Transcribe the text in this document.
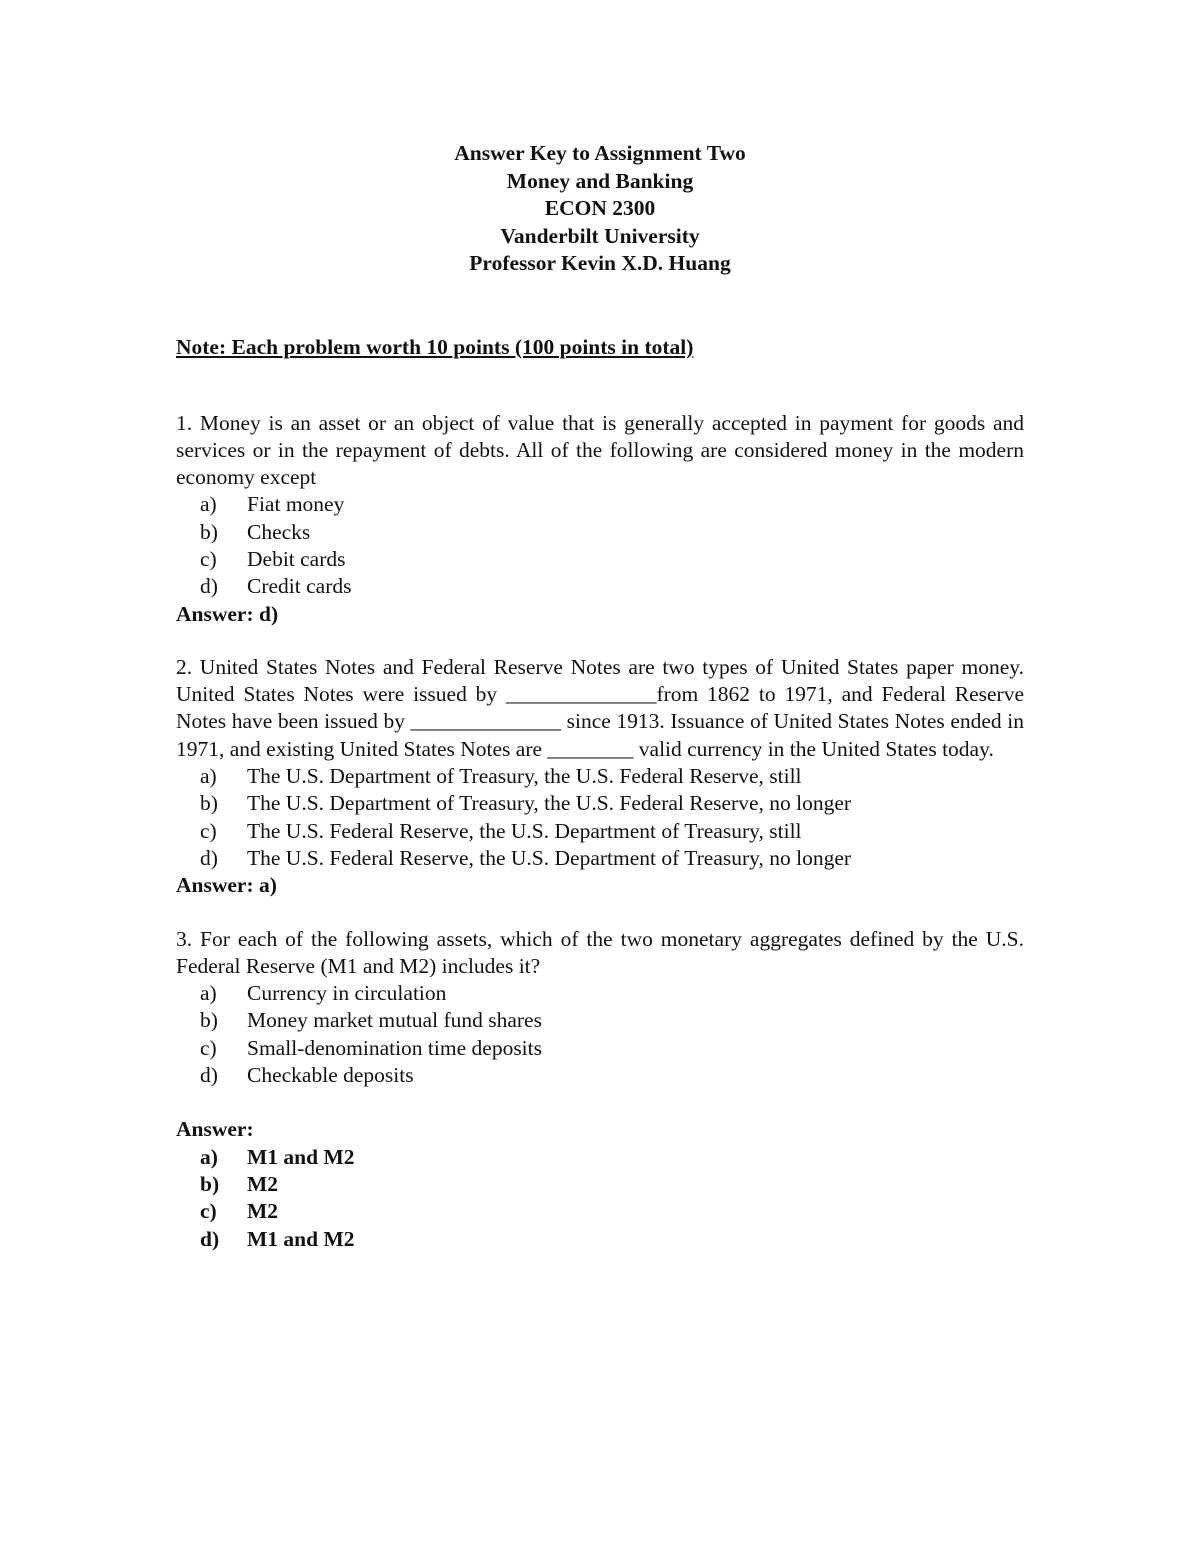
Answer Key to Assignment Two
Money and Banking
ECON 2300
Vanderbilt University
Professor Kevin X.D. Huang
Note: Each problem worth 10 points (100 points in total)
1. Money is an asset or an object of value that is generally accepted in payment for goods and services or in the repayment of debts. All of the following are considered money in the modern economy except
a) Fiat money
b) Checks
c) Debit cards
d) Credit cards
Answer: d)
2. United States Notes and Federal Reserve Notes are two types of United States paper money. United States Notes were issued by ______________from 1862 to 1971, and Federal Reserve Notes have been issued by ______________ since 1913. Issuance of United States Notes ended in 1971, and existing United States Notes are ________ valid currency in the United States today.
a) The U.S. Department of Treasury, the U.S. Federal Reserve, still
b) The U.S. Department of Treasury, the U.S. Federal Reserve, no longer
c) The U.S. Federal Reserve, the U.S. Department of Treasury, still
d) The U.S. Federal Reserve, the U.S. Department of Treasury, no longer
Answer: a)
3. For each of the following assets, which of the two monetary aggregates defined by the U.S. Federal Reserve (M1 and M2) includes it?
a) Currency in circulation
b) Money market mutual fund shares
c) Small-denomination time deposits
d) Checkable deposits
Answer:
a) M1 and M2
b) M2
c) M2
d) M1 and M2
